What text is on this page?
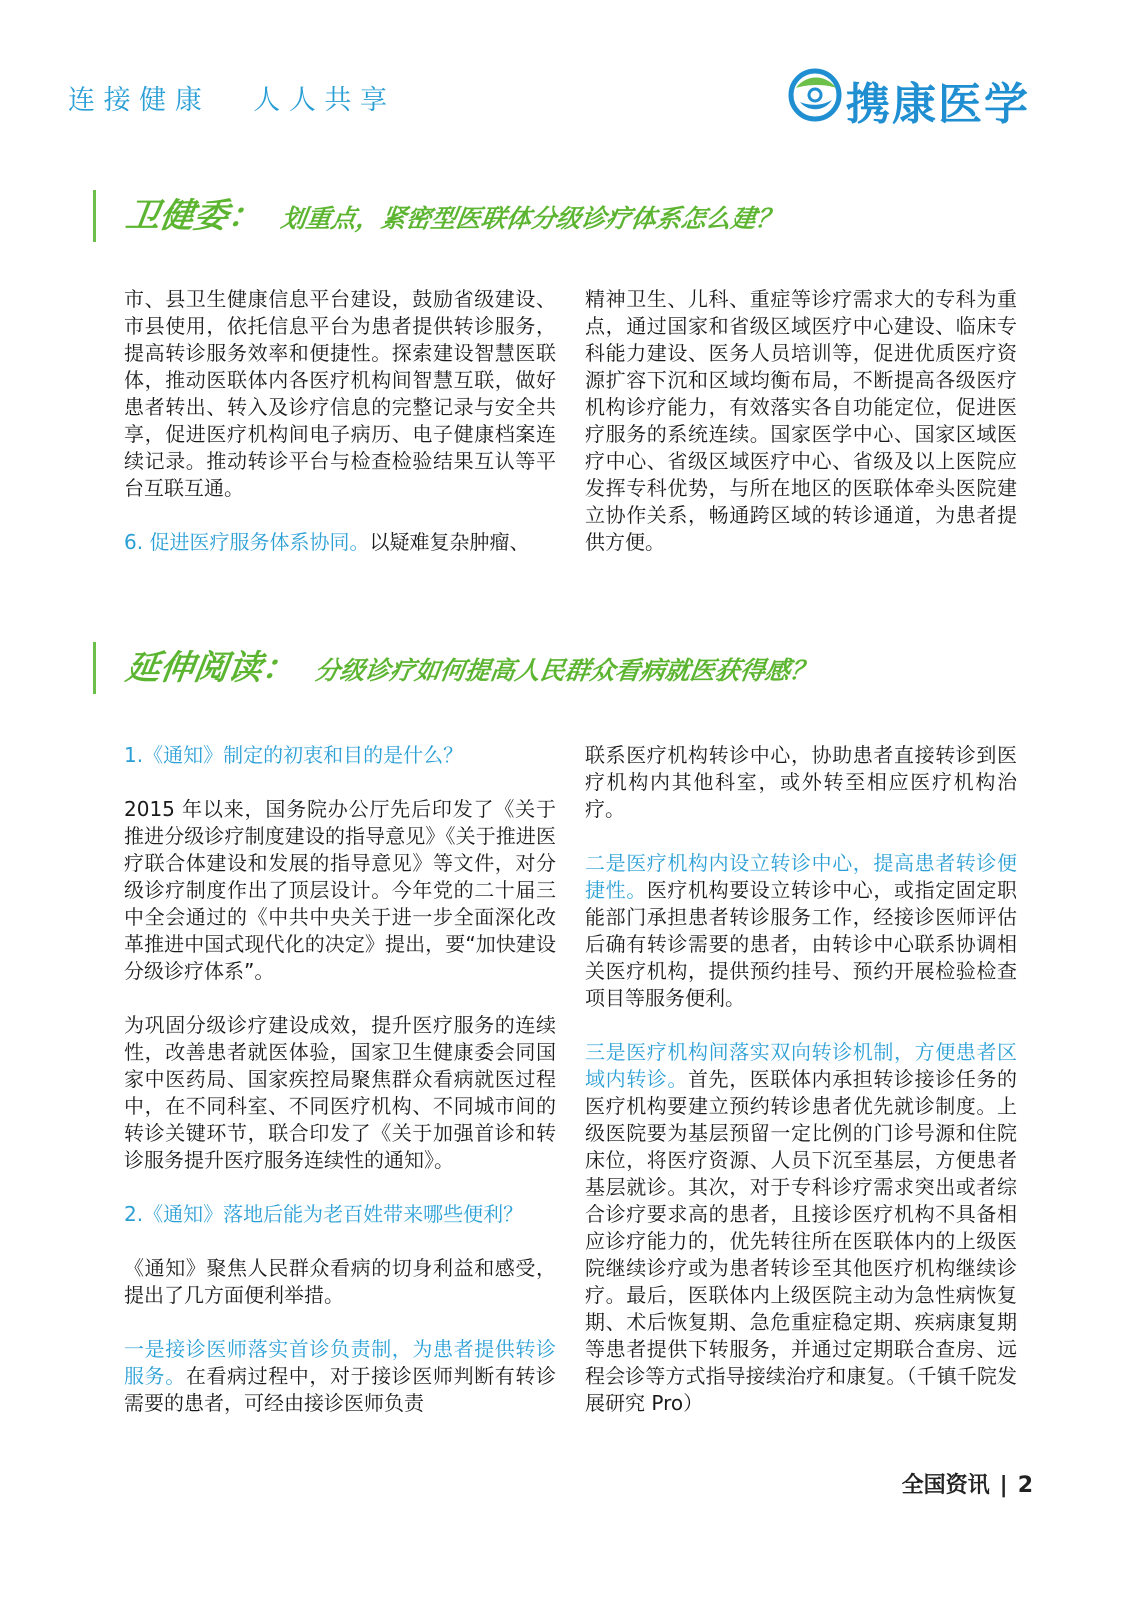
连 接 健 康      人 人 共 享	携康医学
卫健委： 划重点，紧密型医联体分级诊疗体系怎么建？

市、县卫生健康信息平台建设，鼓励省级建设、市县使用，依托信息平台为患者提供转诊服务，提高转诊服务效率和便捷性。探索建设智慧医联体，推动医联体内各医疗机构间智慧互联，做好患者转出、转入及诊疗信息的完整记录与安全共享，促进医疗机构间电子病历、电子健康档案连续记录。推动转诊平台与检查检验结果互认等平台互联互通。

6. 促进医疗服务体系协同。以疑难复杂肿瘤、

精神卫生、儿科、重症等诊疗需求大的专科为重点，通过国家和省级区域医疗中心建设、临床专科能力建设、医务人员培训等，促进优质医疗资源扩容下沉和区域均衡布局，不断提高各级医疗机构诊疗能力，有效落实各自功能定位，促进医疗服务的系统连续。国家医学中心、国家区域医疗中心、省级区域医疗中心、省级及以上医院应发挥专科优势，与所在地区的医联体牵头医院建立协作关系，畅通跨区域的转诊通道，为患者提供方便。

延伸阅读： 分级诊疗如何提高人民群众看病就医获得感？

1.《通知》制定的初衷和目的是什么？

2015 年以来，国务院办公厅先后印发了《关于推进分级诊疗制度建设的指导意见》《关于推进医疗联合体建设和发展的指导意见》等文件，对分级诊疗制度作出了顶层设计。今年党的二十届三中全会通过的《中共中央关于进一步全面深化改革推进中国式现代化的决定》提出，要“加快建设分级诊疗体系”。

为巩固分级诊疗建设成效，提升医疗服务的连续性，改善患者就医体验，国家卫生健康委会同国家中医药局、国家疾控局聚焦群众看病就医过程中，在不同科室、不同医疗机构、不同城市间的转诊关键环节，联合印发了《关于加强首诊和转诊服务提升医疗服务连续性的通知》。

2.《通知》落地后能为老百姓带来哪些便利？

《通知》聚焦人民群众看病的切身利益和感受，提出了几方面便利举措。

一是接诊医师落实首诊负责制，为患者提供转诊服务。在看病过程中，对于接诊医师判断有转诊需要的患者，可经由接诊医师负责

联系医疗机构转诊中心，协助患者直接转诊到医疗机构内其他科室，或外转至相应医疗机构治疗。

二是医疗机构内设立转诊中心，提高患者转诊便捷性。医疗机构要设立转诊中心，或指定固定职能部门承担患者转诊服务工作，经接诊医师评估后确有转诊需要的患者，由转诊中心联系协调相关医疗机构，提供预约挂号、预约开展检验检查项目等服务便利。

三是医疗机构间落实双向转诊机制，方便患者区域内转诊。首先，医联体内承担转诊接诊任务的医疗机构要建立预约转诊患者优先就诊制度。上级医院要为基层预留一定比例的门诊号源和住院床位，将医疗资源、人员下沉至基层，方便患者基层就诊。其次，对于专科诊疗需求突出或者综合诊疗要求高的患者，且接诊医疗机构不具备相应诊疗能力的，优先转往所在医联体内的上级医院继续诊疗或为患者转诊至其他医疗机构继续诊疗。最后，医联体内上级医院主动为急性病恢复期、术后恢复期、急危重症稳定期、疾病康复期等患者提供下转服务，并通过定期联合查房、远程会诊等方式指导接续治疗和康复。（千镇千院发展研究 Pro）

全国资讯 | 2
